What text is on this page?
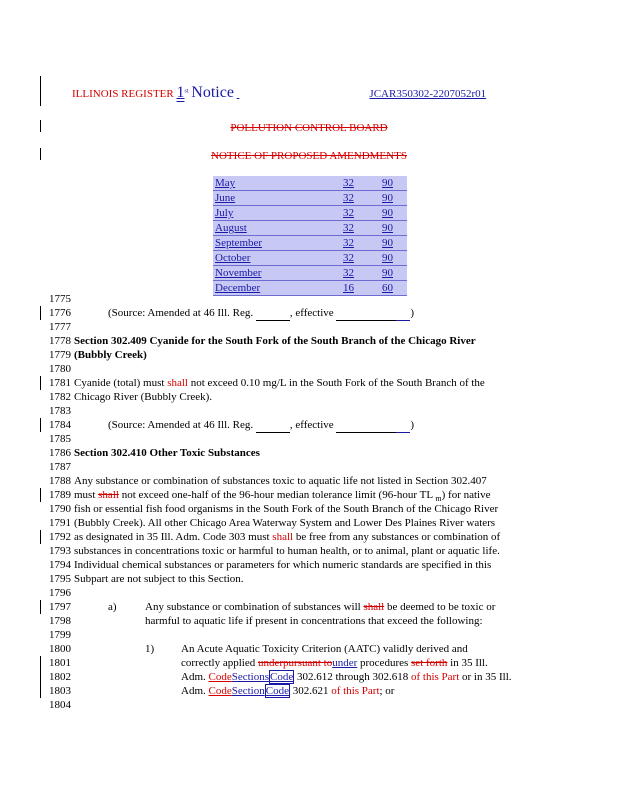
ILLINOIS REGISTER 1st Notice	JCAR350302-2207052r01
POLLUTION CONTROL BOARD
NOTICE OF PROPOSED AMENDMENTS
May	32	90
June	32	90
July	32	90
August	32	90
September	32	90
October	32	90
November	32	90
December	16	60
1775
1776
1777
1778
1779
1780
1781
1782
1783
1784
1785
1786
1787
1788
1789
1790
1791
1792
1793
1794
1795
1796
1797
1798
1799
1800
1801
1802
1803
1804
(Source: Amended at 46 Ill. Reg.	, effective	)
Section 302.409 Cyanide for the South Fork of the South Branch of the Chicago River
(Bubbly Creek)
Cyanide (total) must shall not exceed 0.10 mg/L in the South Fork of the South Branch of the
Chicago River (Bubbly Creek).
(Source: Amended at 46 Ill. Reg.	, effective	)
Section 302.410 Other Toxic Substances
Any substance or combination of substances toxic to aquatic life not listed in Section 302.407
must shall not exceed one-half of the 96-hour median tolerance limit (96-hour TL $_m$) for native
fish or essential fish food organisms in the South Fork of the South Branch of the Chicago River
(Bubbly Creek). All other Chicago Area Waterway System and Lower Des Plaines River waters
as designated in 35 Ill. Adm. Code 303 must shall be free from any substances or combination of
substances in concentrations toxic or harmful to human health, or to animal, plant or aquatic life.
Individual chemical substances or parameters for which numeric standards are specified in this
Subpart are not subject to this Section.
a)	Any substance or combination of substances will shall be deemed to be toxic or
harmful to aquatic life if present in concentrations that exceed the following:
1) An Acute Aquatic Toxicity Criterion (AATC) validly derived and
correctly applied underpursuant tounder procedures set forth in 35 Ill.
Adm. CodeSectionsCode 302.612 through 302.618 of this Part or in 35 Ill.
Adm. CodeSectionCode 302.621 of this Part; or
